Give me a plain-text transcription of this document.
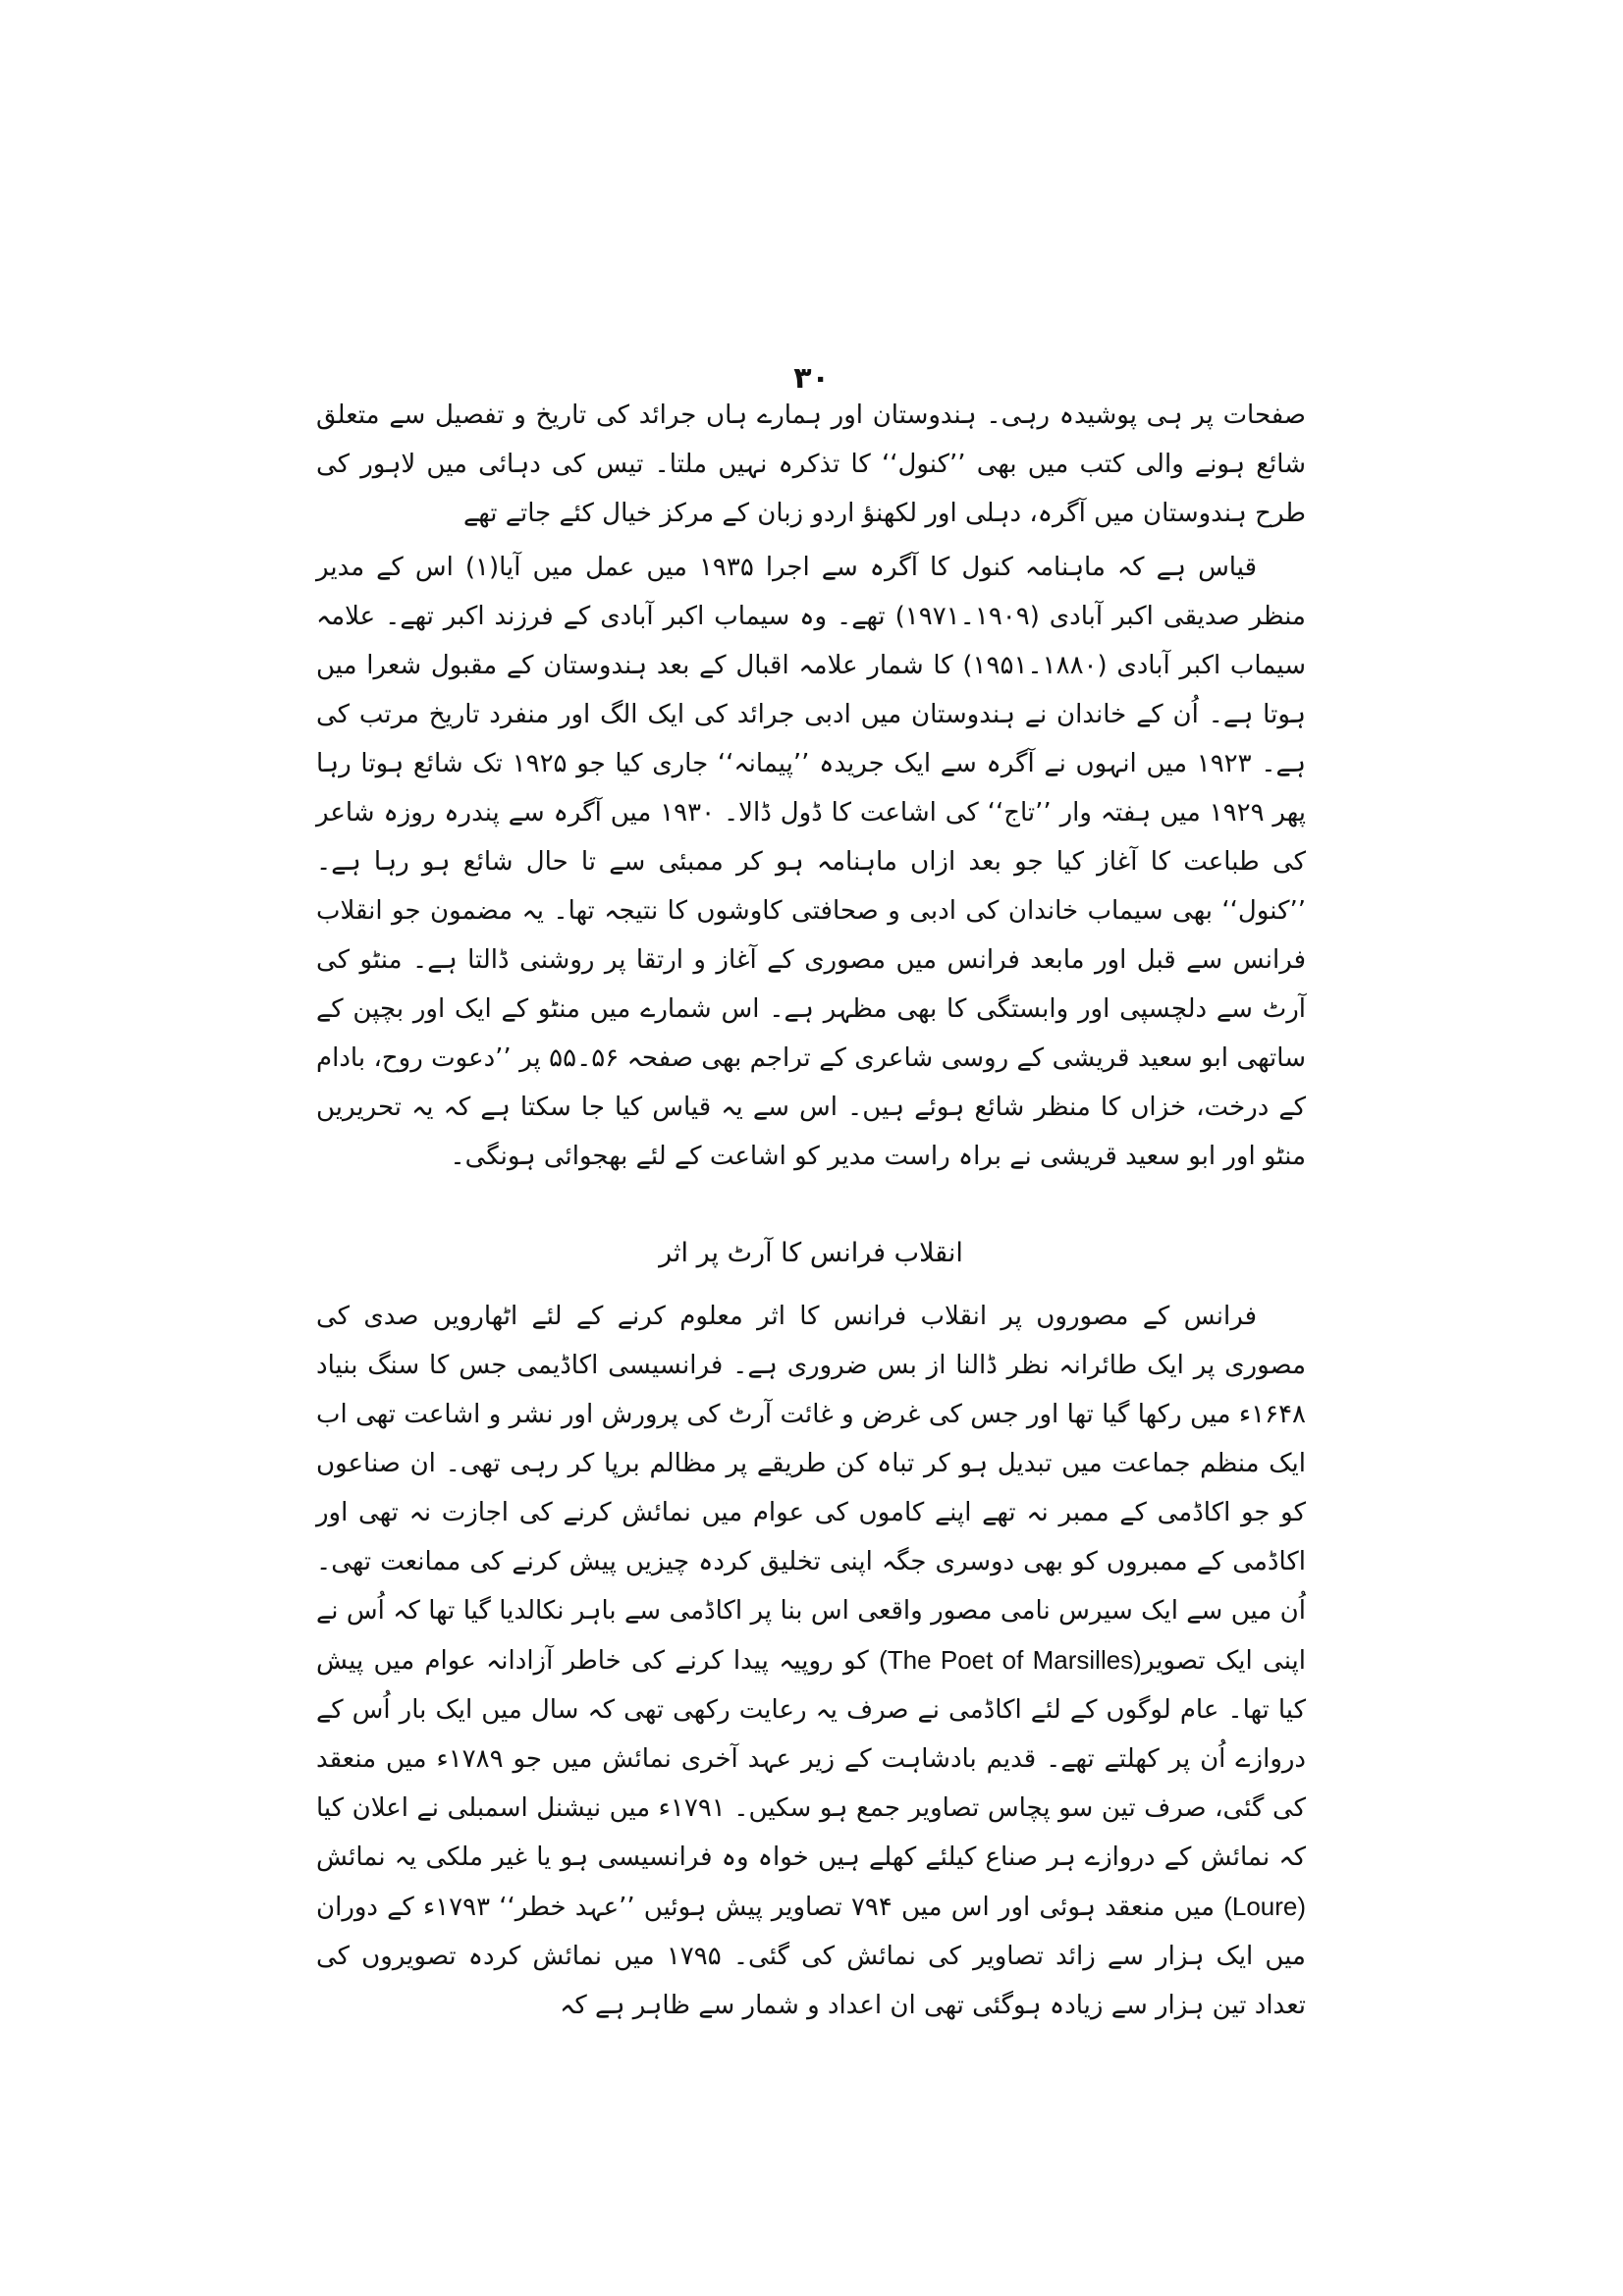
۳۰

صفحات پر ہی پوشیدہ رہی۔ ہندوستان اور ہمارے ہاں جرائد کی تاریخ و تفصیل سے متعلق شائع ہونے والی کتب میں بھی ’’کنول‘‘ کا تذکرہ نہیں ملتا۔ تیس کی دہائی میں لاہور کی طرح ہندوستان میں آگرہ، دہلی اور لکھنؤ اردو زبان کے مرکز خیال کئے جاتے تھے

قیاس ہے کہ ماہنامہ کنول کا آگرہ سے اجرا ۱۹۳۵ میں عمل میں آیا(۱) اس کے مدیر منظر صدیقی اکبر آبادی (۱۹۰۹۔۱۹۷۱) تھے۔ وہ سیماب اکبر آبادی کے فرزند اکبر تھے۔ علامہ سیماب اکبر آبادی (۱۸۸۰۔۱۹۵۱) کا شمار علامہ اقبال کے بعد ہندوستان کے مقبول شعرا میں ہوتا ہے۔ اُن کے خاندان نے ہندوستان میں ادبی جرائد کی ایک الگ اور منفرد تاریخ مرتب کی ہے۔ ۱۹۲۳ میں انہوں نے آگرہ سے ایک جریدہ ’’پیمانہ‘‘ جاری کیا جو ۱۹۲۵ تک شائع ہوتا رہا پھر ۱۹۲۹ میں ہفتہ وار ’’تاج‘‘ کی اشاعت کا ڈول ڈالا۔ ۱۹۳۰ میں آگرہ سے پندرہ روزہ شاعر کی طباعت کا آغاز کیا جو بعد ازاں ماہنامہ ہو کر ممبئی سے تا حال شائع ہو رہا ہے۔ ’’کنول‘‘ بھی سیماب خاندان کی ادبی و صحافتی کاوشوں کا نتیجہ تھا۔ یہ مضمون جو انقلاب فرانس سے قبل اور مابعد فرانس میں مصوری کے آغاز و ارتقا پر روشنی ڈالتا ہے۔ منٹو کی آرٹ سے دلچسپی اور وابستگی کا بھی مظہر ہے۔ اس شمارے میں منٹو کے ایک اور بچپن کے ساتھی ابو سعید قریشی کے روسی شاعری کے تراجم بھی صفحہ ۵۶۔۵۵ پر ’’دعوت روح، بادام کے درخت، خزاں کا منظر شائع ہوئے ہیں۔ اس سے یہ قیاس کیا جا سکتا ہے کہ یہ تحریریں منٹو اور ابو سعید قریشی نے براہ راست مدیر کو اشاعت کے لئے بھجوائی ہونگی۔

انقلاب فرانس کا آرٹ پر اثر

فرانس کے مصوروں پر انقلاب فرانس کا اثر معلوم کرنے کے لئے اٹھارویں صدی کی مصوری پر ایک طائرانہ نظر ڈالنا از بس ضروری ہے۔ فرانسیسی اکاڈیمی جس کا سنگ بنیاد ۱۶۴۸ء میں رکھا گیا تھا اور جس کی غرض و غائت آرٹ کی پرورش اور نشر و اشاعت تھی اب ایک منظم جماعت میں تبدیل ہو کر تباہ کن طریقے پر مظالم برپا کر رہی تھی۔ ان صناعوں کو جو اکاڈمی کے ممبر نہ تھے اپنے کاموں کی عوام میں نمائش کرنے کی اجازت نہ تھی اور اکاڈمی کے ممبروں کو بھی دوسری جگہ اپنی تخلیق کردہ چیزیں پیش کرنے کی ممانعت تھی۔ اُن میں سے ایک سیرس نامی مصور واقعی اس بنا پر اکاڈمی سے باہر نکالدیا گیا تھا کہ اُس نے اپنی ایک تصویر(The Poet of Marsilles) کو روپیہ پیدا کرنے کی خاطر آزادانہ عوام میں پیش کیا تھا۔ عام لوگوں کے لئے اکاڈمی نے صرف یہ رعایت رکھی تھی کہ سال میں ایک بار اُس کے دروازے اُن پر کھلتے تھے۔ قدیم بادشاہت کے زیر عہد آخری نمائش میں جو ۱۷۸۹ء میں منعقد کی گئی، صرف تین سو پچاس تصاویر جمع ہو سکیں۔ ۱۷۹۱ء میں نیشنل اسمبلی نے اعلان کیا کہ نمائش کے دروازے ہر صناع کیلئے کھلے ہیں خواہ وہ فرانسیسی ہو یا غیر ملکی یہ نمائش (Loure) میں منعقد ہوئی اور اس میں ۷۹۴ تصاویر پیش ہوئیں ’’عہد خطر‘‘ ۱۷۹۳ء کے دوران میں ایک ہزار سے زائد تصاویر کی نمائش کی گئی۔ ۱۷۹۵ میں نمائش کردہ تصویروں کی تعداد تین ہزار سے زیادہ ہوگئی تھی ان اعداد و شمار سے ظاہر ہے کہ
